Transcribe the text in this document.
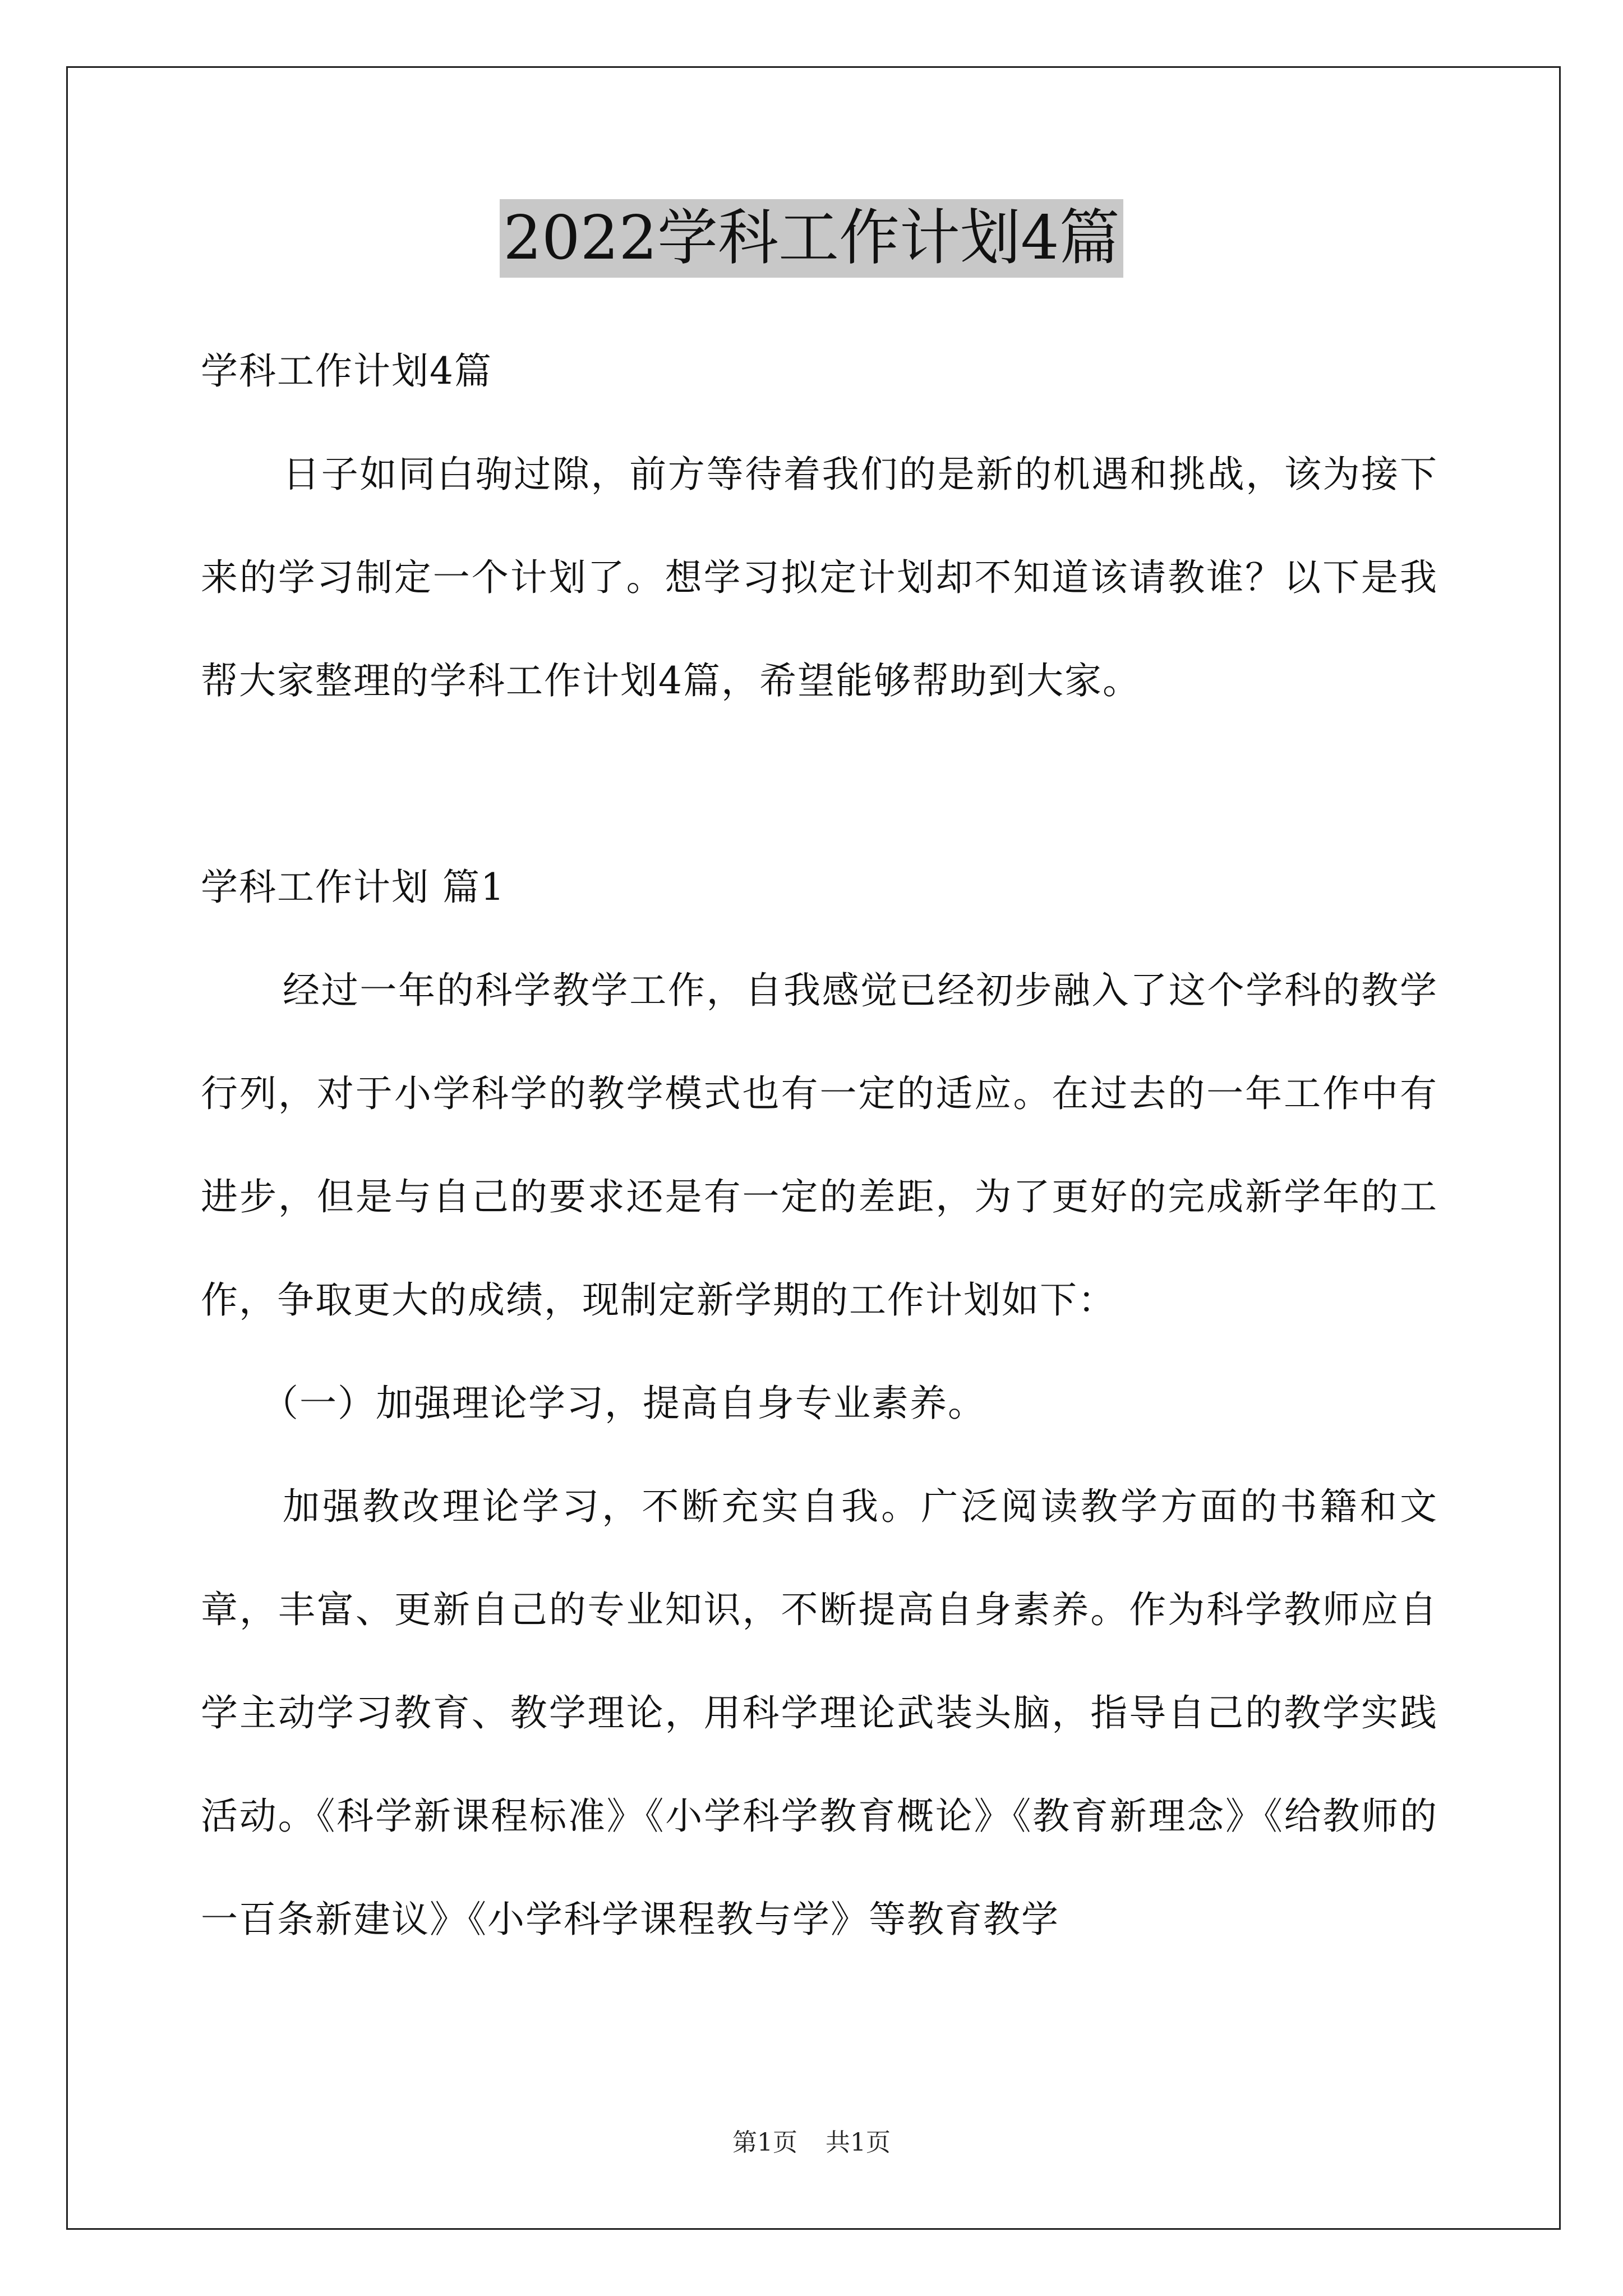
2022学科工作计划4篇

学科工作计划4篇

日子如同白驹过隙，前方等待着我们的是新的机遇和挑战，该为接下来的学习制定一个计划了。想学习拟定计划却不知道该请教谁？以下是我帮大家整理的学科工作计划4篇，希望能够帮助到大家。

学科工作计划 篇1

经过一年的科学教学工作，自我感觉已经初步融入了这个学科的教学行列，对于小学科学的教学模式也有一定的适应。在过去的一年工作中有进步，但是与自己的要求还是有一定的差距，为了更好的完成新学年的工作，争取更大的成绩，现制定新学期的工作计划如下：

（一）加强理论学习，提高自身专业素养。

加强教改理论学习，不断充实自我。广泛阅读教学方面的书籍和文章，丰富、更新自己的专业知识，不断提高自身素养。作为科学教师应自学主动学习教育、教学理论，用科学理论武装头脑，指导自己的教学实践活动。《科学新课程标准》《小学科学教育概论》《教育新理念》《给教师的一百条新建议》《小学科学课程教与学》等教育教学

第1页 共1页
